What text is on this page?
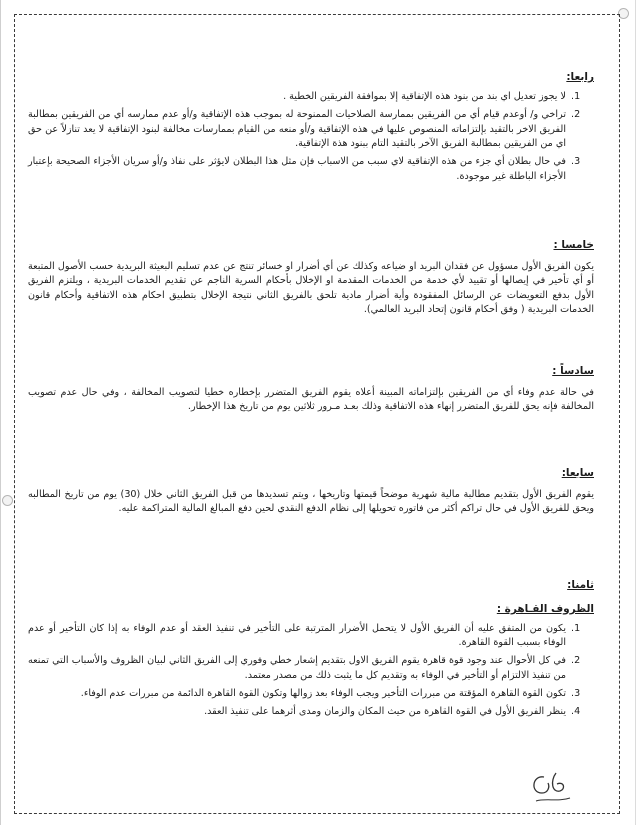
رابعا:

1. لا يجوز تعديل اي بند من بنود هذه الإتفاقية إلا بموافقة الفريقين الخطية .
2. تراخي و/ أوعدم قيام أي من الفريقين بممارسة الصلاحيات الممنوحة له بموجب هذه الإتفاقية و/أو عدم ممارسه أي من الفريقين بمطالبة الفريق الاخر بالتقيد بإلتزاماته المنصوص عليها في هذه الإتفاقية و/أو منعه من القيام بممارسات مخالفة لبنود الإتفاقية لا يعد تنازلاً عن حق اي من الفريقين بمطالبة الفريق الآخر بالتقيد التام ببنود هذة الإتفاقية.
3. في حال بطلان أي جزء من هذه الإتفاقية لاي سبب من الاسباب فإن مثل هذا البطلان لايؤثر على نفاذ و/أو سريان الأجزاء الصحيحة بإعتبار الأجزاء الباطلة غير موجودة.

خامسا :

يكون الفريق الأول مسؤول عن فقدان البريد او ضياعه وكذلك عن أي أضرار او خسائر تنتج عن عدم تسليم البعيثة البريدية حسب الأصول المتبعة أو أي تأخير في إيصالها أو تقييد لأي خدمة من الخدمات المقدمة او الإخلال بأحكام السرية الناجم عن تقديم الخدمات البريدية ، ويلتزم الفريق الأول بدفع التعويضات عن الرسائل المفقودة وأية أضرار مادية تلحق بالفريق الثاني نتيجة الإخلال بتطبيق احكام هذه الاتفاقية وأحكام قانون الخدمات البريدية ( وفق أحكام قانون إتحاد البريد العالمي).

سادساً :

في حالة عدم وفاء أي من الفريقين بإلتزاماته المبينة أعلاه يقوم الفريق المتضرر بإخطاره خطيا لتصويب المخالفة ، وفي حال عدم تصويب المخالفة فإنه يحق للفريق المتضرر إنهاء هذه الاتفاقية وذلك بعـد مـرور ثلاثين يوم من تاريخ هذا الإخطار.

سابعا:

يقوم الفريق الأول بتقديم مطالبة مالية شهرية موضحاً قيمتها وتاريخها ، ويتم تسديدها من قبل الفريق الثاني خلال (30) يوم من تاريخ المطالبه ويحق للفريق الأول في حال تراكم أكثر من فاتوره تحويلها إلى نظام الدفع النقدي لحين دفع المبالغ المالية المتراكمة عليه.

ثامنا:

الظروف القـاهرة :

1. يكون من المتفق عليه أن الفريق الأول لا يتحمل الأضرار المترتبة على التأخير في تنفيذ العقد أو عدم الوفاء به إذا كان التأخير أو عدم الوفاء بسبب القوة القاهرة.
2. في كل الأحوال عند وجود قوة قاهرة يقوم الفريق الاول بتقديم إشعار خطي وفوري إلى الفريق الثاني لبيان الظروف والأسباب التي تمنعه من تنفيذ الالتزام أو التأخير في الوفاء به وتقديم كل ما يثبت ذلك من مصدر معتمد.
3. تكون القوة القاهرة المؤقتة من مبررات التأخير ويجب الوفاء بعد زوالها وتكون القوة القاهرة الدائمة من مبررات عدم الوفاء.
4. ينظر الفريق الأول في القوة القاهرة من حيث المكان والزمان ومدى أثرهما على تنفيذ العقد.
